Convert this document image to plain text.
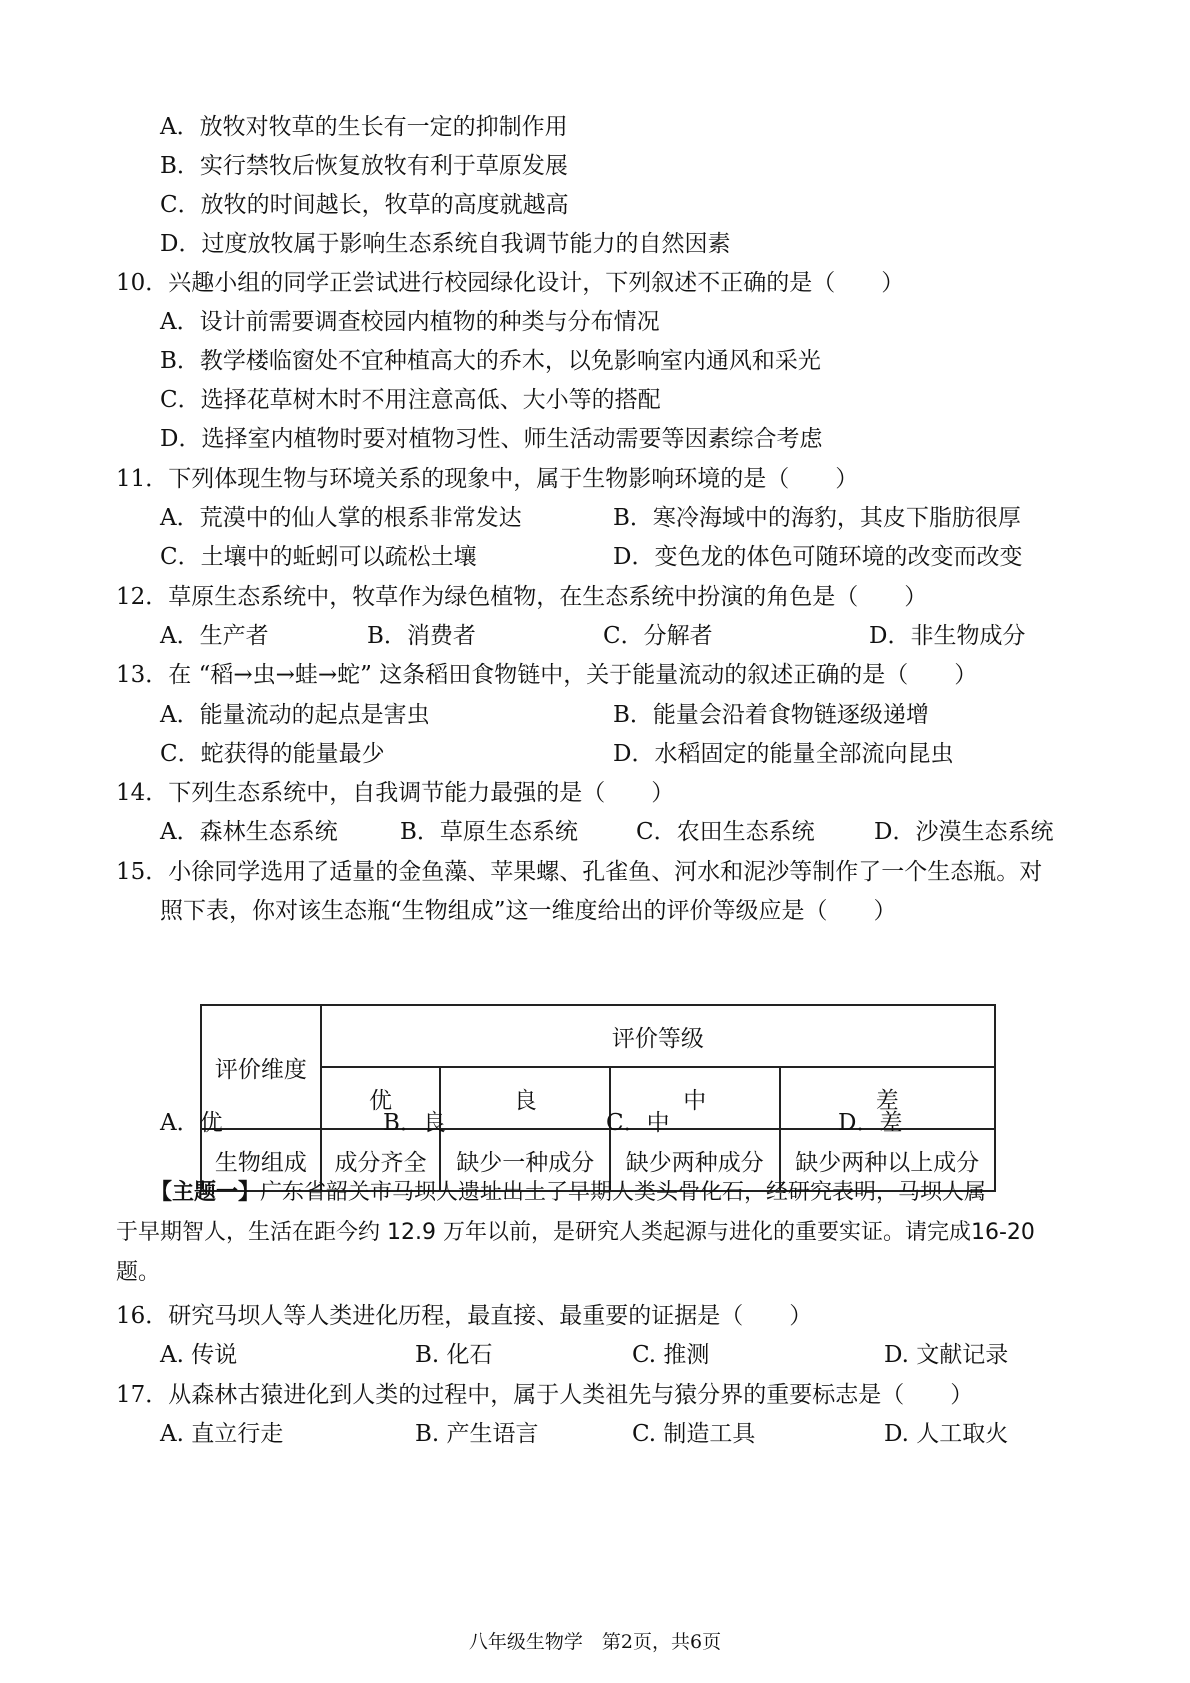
A．放牧对牧草的生长有一定的抑制作用
B．实行禁牧后恢复放牧有利于草原发展
C．放牧的时间越长，牧草的高度就越高
D．过度放牧属于影响生态系统自我调节能力的自然因素
10．兴趣小组的同学正尝试进行校园绿化设计，下列叙述不正确的是（　　）
A．设计前需要调查校园内植物的种类与分布情况
B．教学楼临窗处不宜种植高大的乔木，以免影响室内通风和采光
C．选择花草树木时不用注意高低、大小等的搭配
D．选择室内植物时要对植物习性、师生活动需要等因素综合考虑
11．下列体现生物与环境关系的现象中，属于生物影响环境的是（　　）
A．荒漠中的仙人掌的根系非常发达	B．寒冷海域中的海豹，其皮下脂肪很厚
C．土壤中的蚯蚓可以疏松土壤	D．变色龙的体色可随环境的改变而改变
12．草原生态系统中，牧草作为绿色植物，在生态系统中扮演的角色是（　　）
A．生产者	B．消费者	C．分解者	D．非生物成分
13．在 “稻→虫→蛙→蛇” 这条稻田食物链中，关于能量流动的叙述正确的是（　　）
A．能量流动的起点是害虫	B．能量会沿着食物链逐级递增
C．蛇获得的能量最少	D．水稻固定的能量全部流向昆虫
14．下列生态系统中，自我调节能力最强的是（　　）
A．森林生态系统	B．草原生态系统	C．农田生态系统	D．沙漠生态系统
15．小徐同学选用了适量的金鱼藻、苹果螺、孔雀鱼、河水和泥沙等制作了一个生态瓶。对
照下表，你对该生态瓶“生物组成”这一维度给出的评价等级应是（　　）
评价维度	评价等级			
	优	良	中	差
生物组成	成分齐全	缺少一种成分	缺少两种成分	缺少两种以上成分
A．优	B．良	C．中	D．差
【主题一】广东省韶关市马坝人遗址出土了早期人类头骨化石，经研究表明，马坝人属
于早期智人，生活在距今约 12.9 万年以前，是研究人类起源与进化的重要实证。请完成16-20
题。
16．研究马坝人等人类进化历程，最直接、最重要的证据是（　　）
A. 传说	B. 化石	C. 推测	D. 文献记录
17．从森林古猿进化到人类的过程中，属于人类祖先与猿分界的重要标志是（　　）
A. 直立行走	B. 产生语言	C. 制造工具	D. 人工取火
八年级生物学　第2页，共6页
